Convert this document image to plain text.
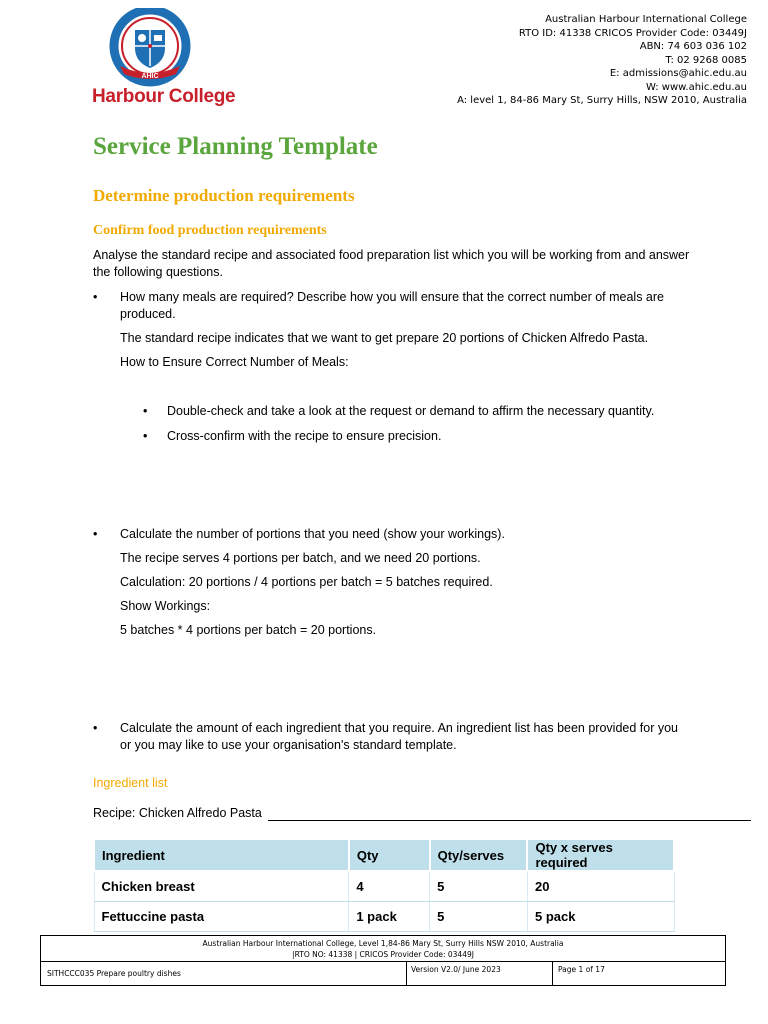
AHIC
Harbour College
Australian Harbour International College
RTO ID: 41338 CRICOS Provider Code: 03449J
ABN: 74 603 036 102
T: 02 9268 0085
E: admissions@ahic.edu.au
W: www.ahic.edu.au
A: level 1, 84-86 Mary St, Surry Hills, NSW 2010, Australia
Service Planning Template
Determine production requirements
Confirm food production requirements
Analyse the standard recipe and associated food preparation list which you will be working from and answer the following questions.
•	How many meals are required? Describe how you will ensure that the correct number of meals are produced.
The standard recipe indicates that we want to get prepare 20 portions of Chicken Alfredo Pasta.
How to Ensure Correct Number of Meals:
• Double-check and take a look at the request or demand to affirm the necessary quantity.
• Cross-confirm with the recipe to ensure precision.
•	Calculate the number of portions that you need (show your workings).
The recipe serves 4 portions per batch, and we need 20 portions.
Calculation: 20 portions / 4 portions per batch = 5 batches required.
Show Workings:
5 batches * 4 portions per batch = 20 portions.
•	Calculate the amount of each ingredient that you require. An ingredient list has been provided for you or you may like to use your organisation's standard template.
Ingredient list
Recipe: Chicken Alfredo Pasta
Ingredient	Qty	Qty/serves	Qty x serves required
Chicken breast	4	5	20
Fettuccine pasta	1 pack	5	5 pack
Australian Harbour International College, Level 1,84-86 Mary St, Surry Hills NSW 2010, Australia
|RTO NO: 41338 | CRICOS Provider Code: 03449J
SITHCCC035 Prepare poultry dishes	Version V2.0/ June 2023	Page 1 of 17
